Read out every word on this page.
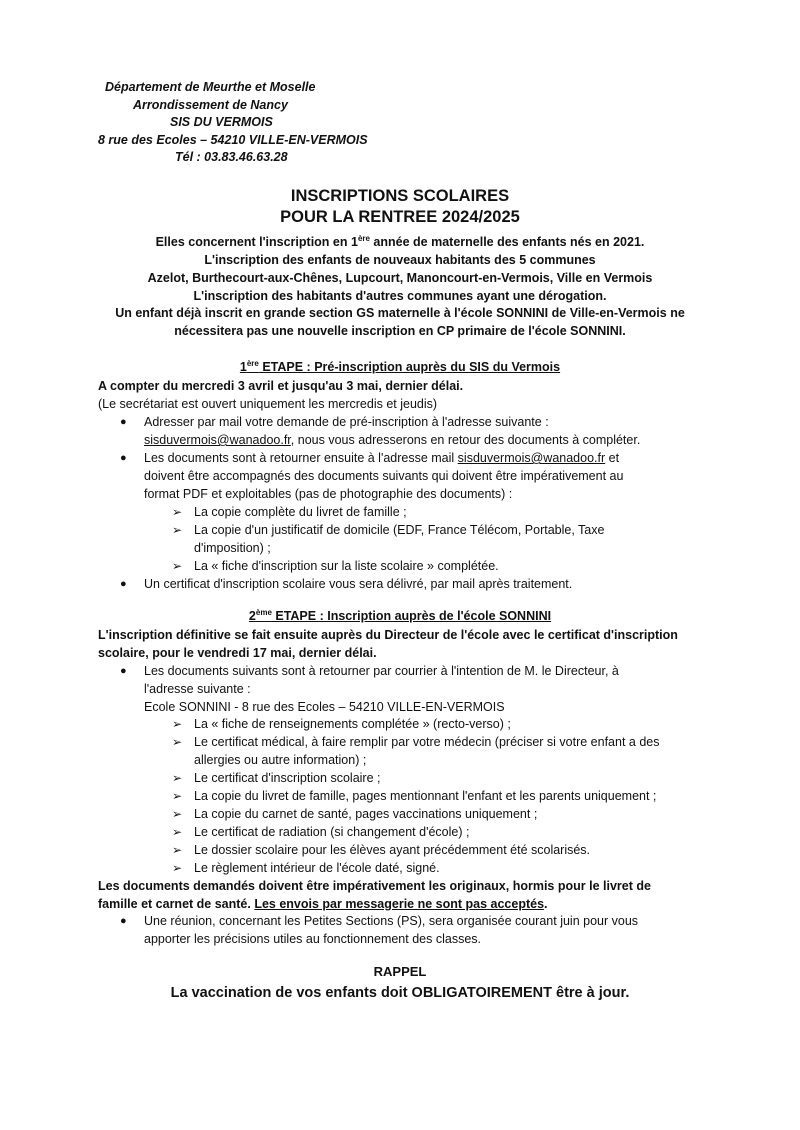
Département de Meurthe et Moselle
Arrondissement de Nancy
SIS DU VERMOIS
8 rue des Ecoles – 54210 VILLE-EN-VERMOIS
Tél : 03.83.46.63.28
INSCRIPTIONS SCOLAIRES
POUR LA RENTREE 2024/2025
Elles concernent l'inscription en 1ère année de maternelle des enfants nés en 2021.
L'inscription des enfants de nouveaux habitants des 5 communes
Azelot, Burthecourt-aux-Chênes, Lupcourt, Manoncourt-en-Vermois, Ville en Vermois
L'inscription des habitants d'autres communes ayant une dérogation.
Un enfant déjà inscrit en grande section GS maternelle à l'école SONNINI de Ville-en-Vermois ne
nécessitera pas une nouvelle inscription en CP primaire de l'école SONNINI.
1ère ETAPE : Pré-inscription auprès du SIS du Vermois
A compter du mercredi 3 avril et jusqu'au 3 mai, dernier délai.
(Le secrétariat est ouvert uniquement les mercredis et jeudis)
● Adresser par mail votre demande de pré-inscription à l'adresse suivante :
sisduvermois@wanadoo.fr, nous vous adresserons en retour des documents à compléter.
● Les documents sont à retourner ensuite à l'adresse mail sisduvermois@wanadoo.fr et
doivent être accompagnés des documents suivants qui doivent être impérativement au
format PDF et exploitables (pas de photographie des documents) :
➢ La copie complète du livret de famille ;
➢ La copie d'un justificatif de domicile (EDF, France Télécom, Portable, Taxe
d'imposition) ;
➢ La « fiche d'inscription sur la liste scolaire » complétée.
● Un certificat d'inscription scolaire vous sera délivré, par mail après traitement.
2ème ETAPE : Inscription auprès de l'école SONNINI
L'inscription définitive se fait ensuite auprès du Directeur de l'école avec le certificat d'inscription
scolaire, pour le vendredi 17 mai, dernier délai.
● Les documents suivants sont à retourner par courrier à l'intention de M. le Directeur, à
l'adresse suivante :
Ecole SONNINI - 8 rue des Ecoles – 54210 VILLE-EN-VERMOIS
➢ La « fiche de renseignements complétée » (recto-verso) ;
➢ Le certificat médical, à faire remplir par votre médecin (préciser si votre enfant a des
allergies ou autre information) ;
➢ Le certificat d'inscription scolaire ;
➢ La copie du livret de famille, pages mentionnant l'enfant et les parents uniquement ;
➢ La copie du carnet de santé, pages vaccinations uniquement ;
➢ Le certificat de radiation (si changement d'école) ;
➢ Le dossier scolaire pour les élèves ayant précédemment été scolarisés.
➢ Le règlement intérieur de l'école daté, signé.
Les documents demandés doivent être impérativement les originaux, hormis pour le livret de
famille et carnet de santé. Les envois par messagerie ne sont pas acceptés.
● Une réunion, concernant les Petites Sections (PS), sera organisée courant juin pour vous
apporter les précisions utiles au fonctionnement des classes.
RAPPEL
La vaccination de vos enfants doit OBLIGATOIREMENT être à jour.
